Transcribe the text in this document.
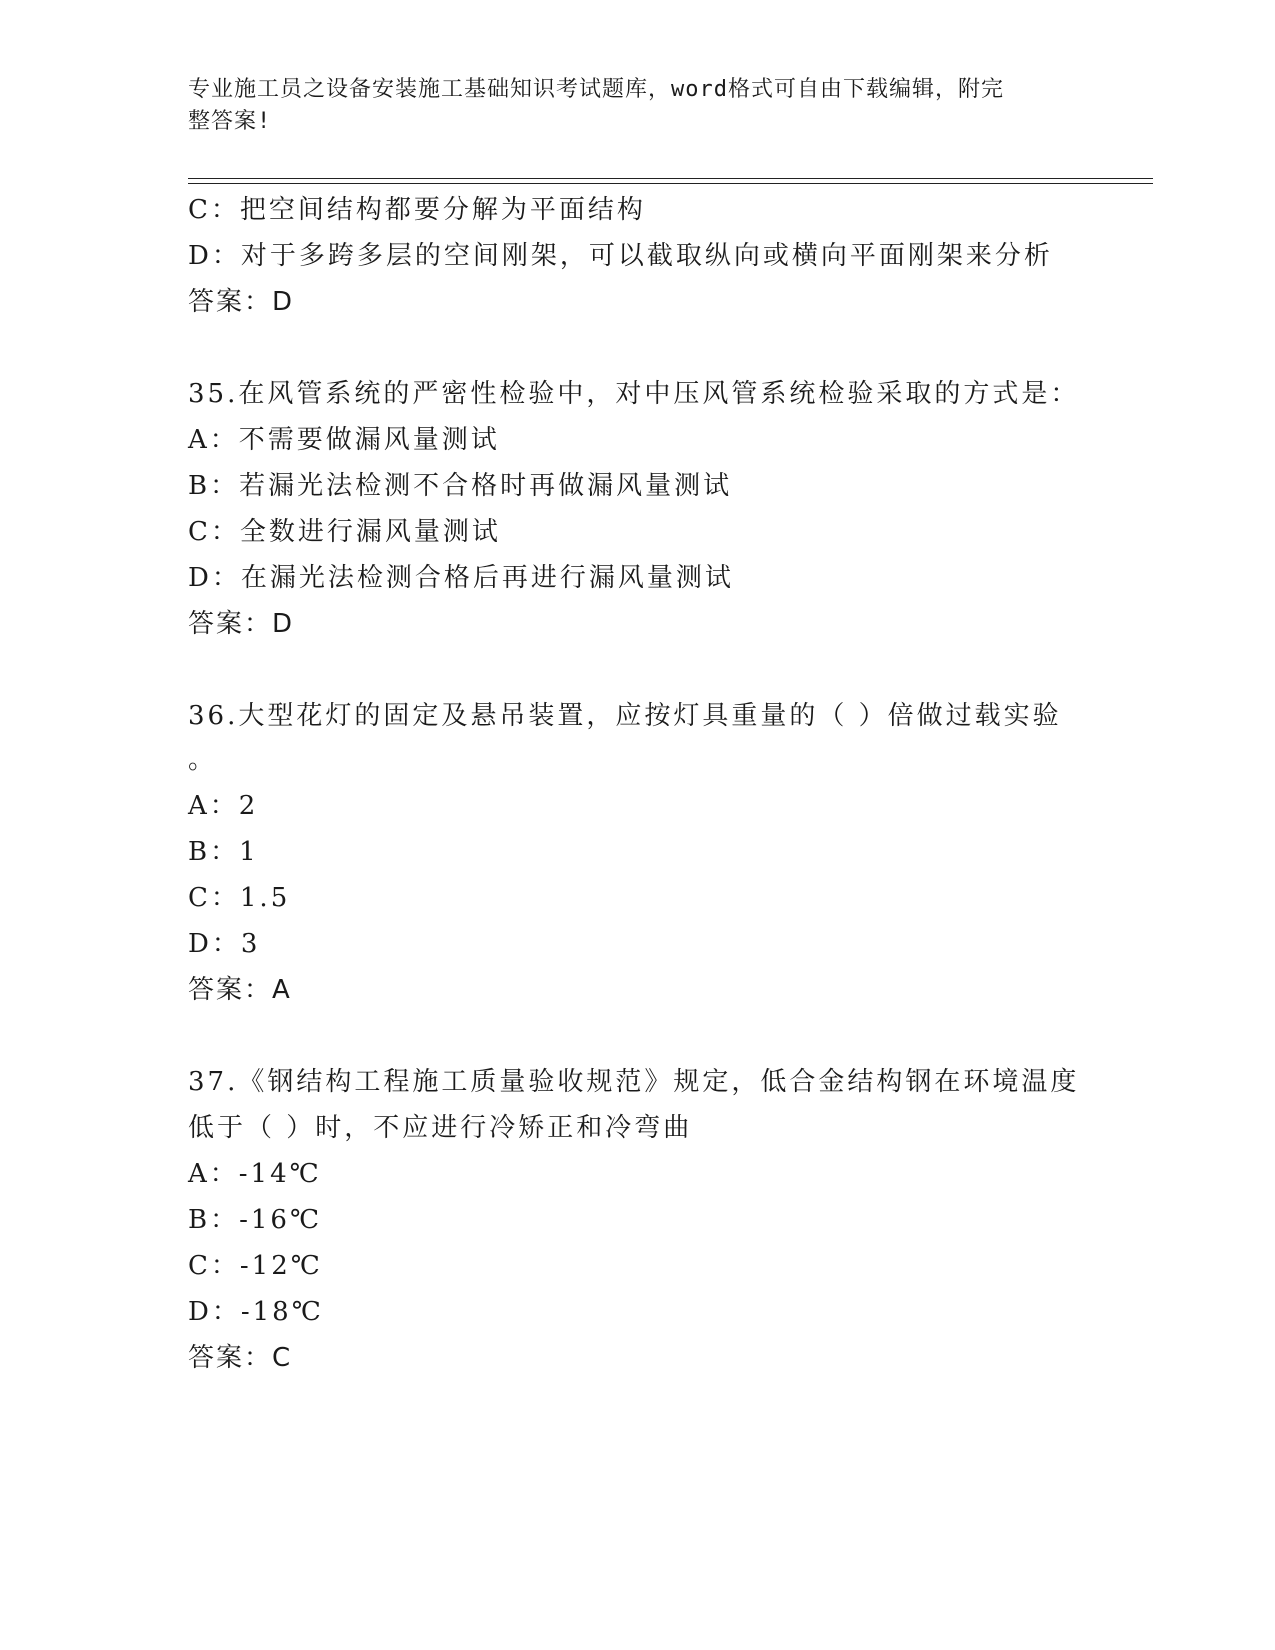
专业施工员之设备安装施工基础知识考试题库，word格式可自由下载编辑，附完
整答案!
C：把空间结构都要分解为平面结构
D：对于多跨多层的空间刚架，可以截取纵向或横向平面刚架来分析
答案：D
35.在风管系统的严密性检验中，对中压风管系统检验采取的方式是：
A：不需要做漏风量测试
B：若漏光法检测不合格时再做漏风量测试
C：全数进行漏风量测试
D：在漏光法检测合格后再进行漏风量测试
答案：D
36.大型花灯的固定及悬吊装置，应按灯具重量的（ ）倍做过载实验
。
A：2
B：1
C：1.5
D：3
答案：A
37.《钢结构工程施工质量验收规范》规定，低合金结构钢在环境温度
低于（ ）时，不应进行冷矫正和冷弯曲
A：-14℃
B：-16℃
C：-12℃
D：-18℃
答案：C
